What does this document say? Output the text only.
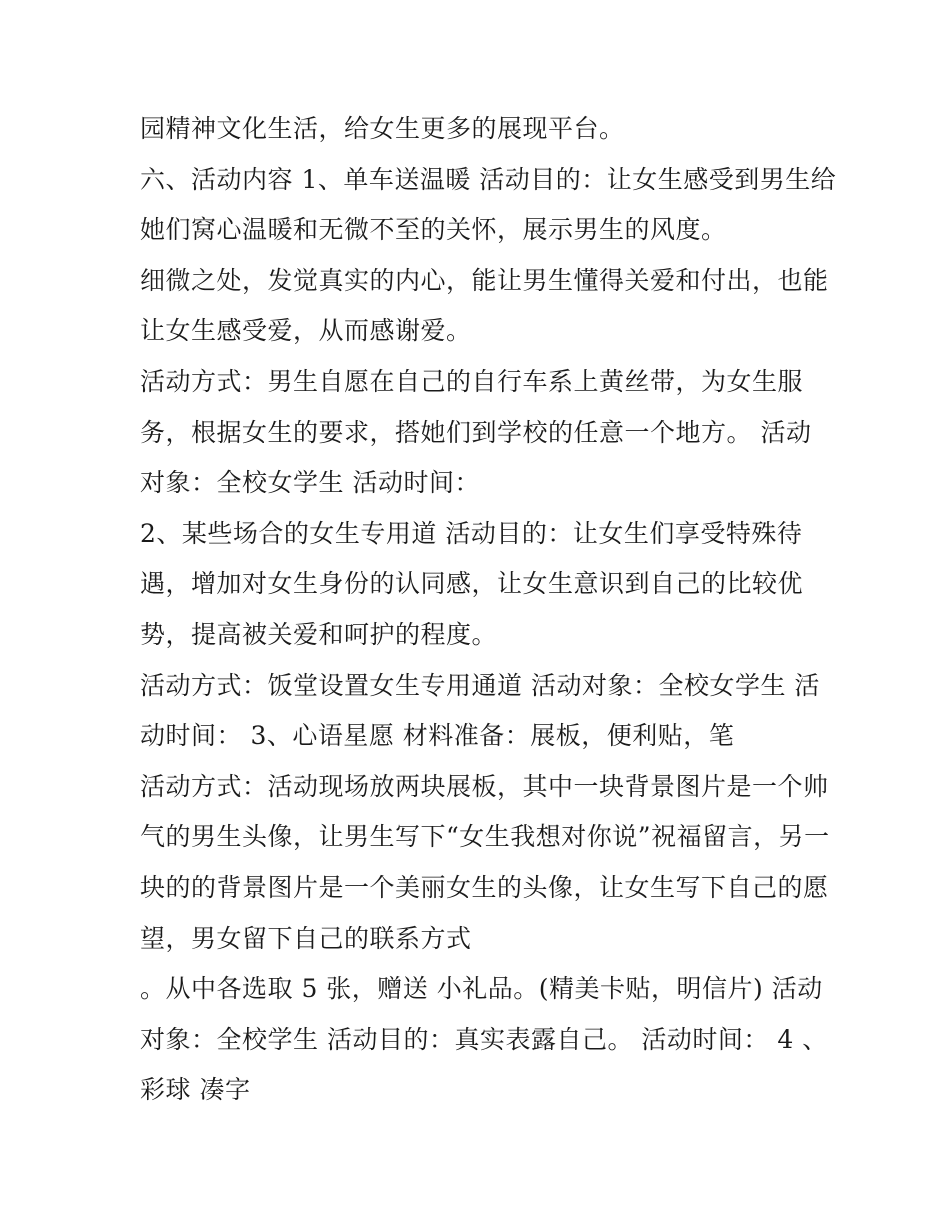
园精神文化生活，给女生更多的展现平台。

六、活动内容 1、单车送温暖 活动目的：让女生感受到男生给

她们窝心温暖和无微不至的关怀，展示男生的风度。

细微之处，发觉真实的内心，能让男生懂得关爱和付出，也能

让女生感受爱，从而感谢爱。

活动方式：男生自愿在自己的自行车系上黄丝带，为女生服

务，根据女生的要求，搭她们到学校的任意一个地方。 活动

对象：全校女学生 活动时间：

2、某些场合的女生专用道 活动目的：让女生们享受特殊待

遇，增加对女生身份的认同感，让女生意识到自己的比较优

势，提高被关爱和呵护的程度。

活动方式：饭堂设置女生专用通道 活动对象：全校女学生 活

动时间： 3、心语星愿 材料准备：展板，便利贴，笔

活动方式：活动现场放两块展板，其中一块背景图片是一个帅

气的男生头像，让男生写下“女生我想对你说”祝福留言，另一

块的的背景图片是一个美丽女生的头像，让女生写下自己的愿

望，男女留下自己的联系方式

。从中各选取 5 张，赠送 小礼品。(精美卡贴，明信片) 活动

对象：全校学生 活动目的：真实表露自己。 活动时间： 4 、

彩球 凑字
